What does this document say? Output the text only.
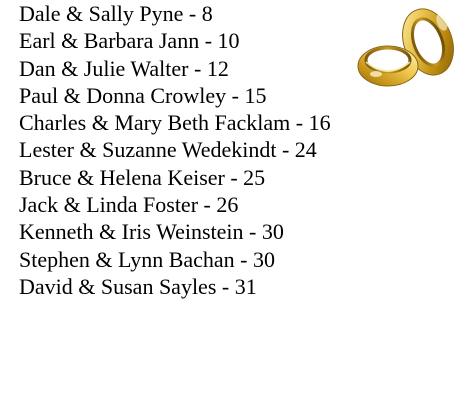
Dale & Sally Pyne - 8
Earl & Barbara Jann - 10
Dan & Julie Walter - 12
Paul & Donna Crowley - 15
Charles & Mary Beth Facklam - 16
Lester & Suzanne Wedekindt - 24
Bruce & Helena Keiser - 25
Jack & Linda Foster - 26
Kenneth & Iris Weinstein - 30
Stephen & Lynn Bachan - 30
David & Susan Sayles - 31
